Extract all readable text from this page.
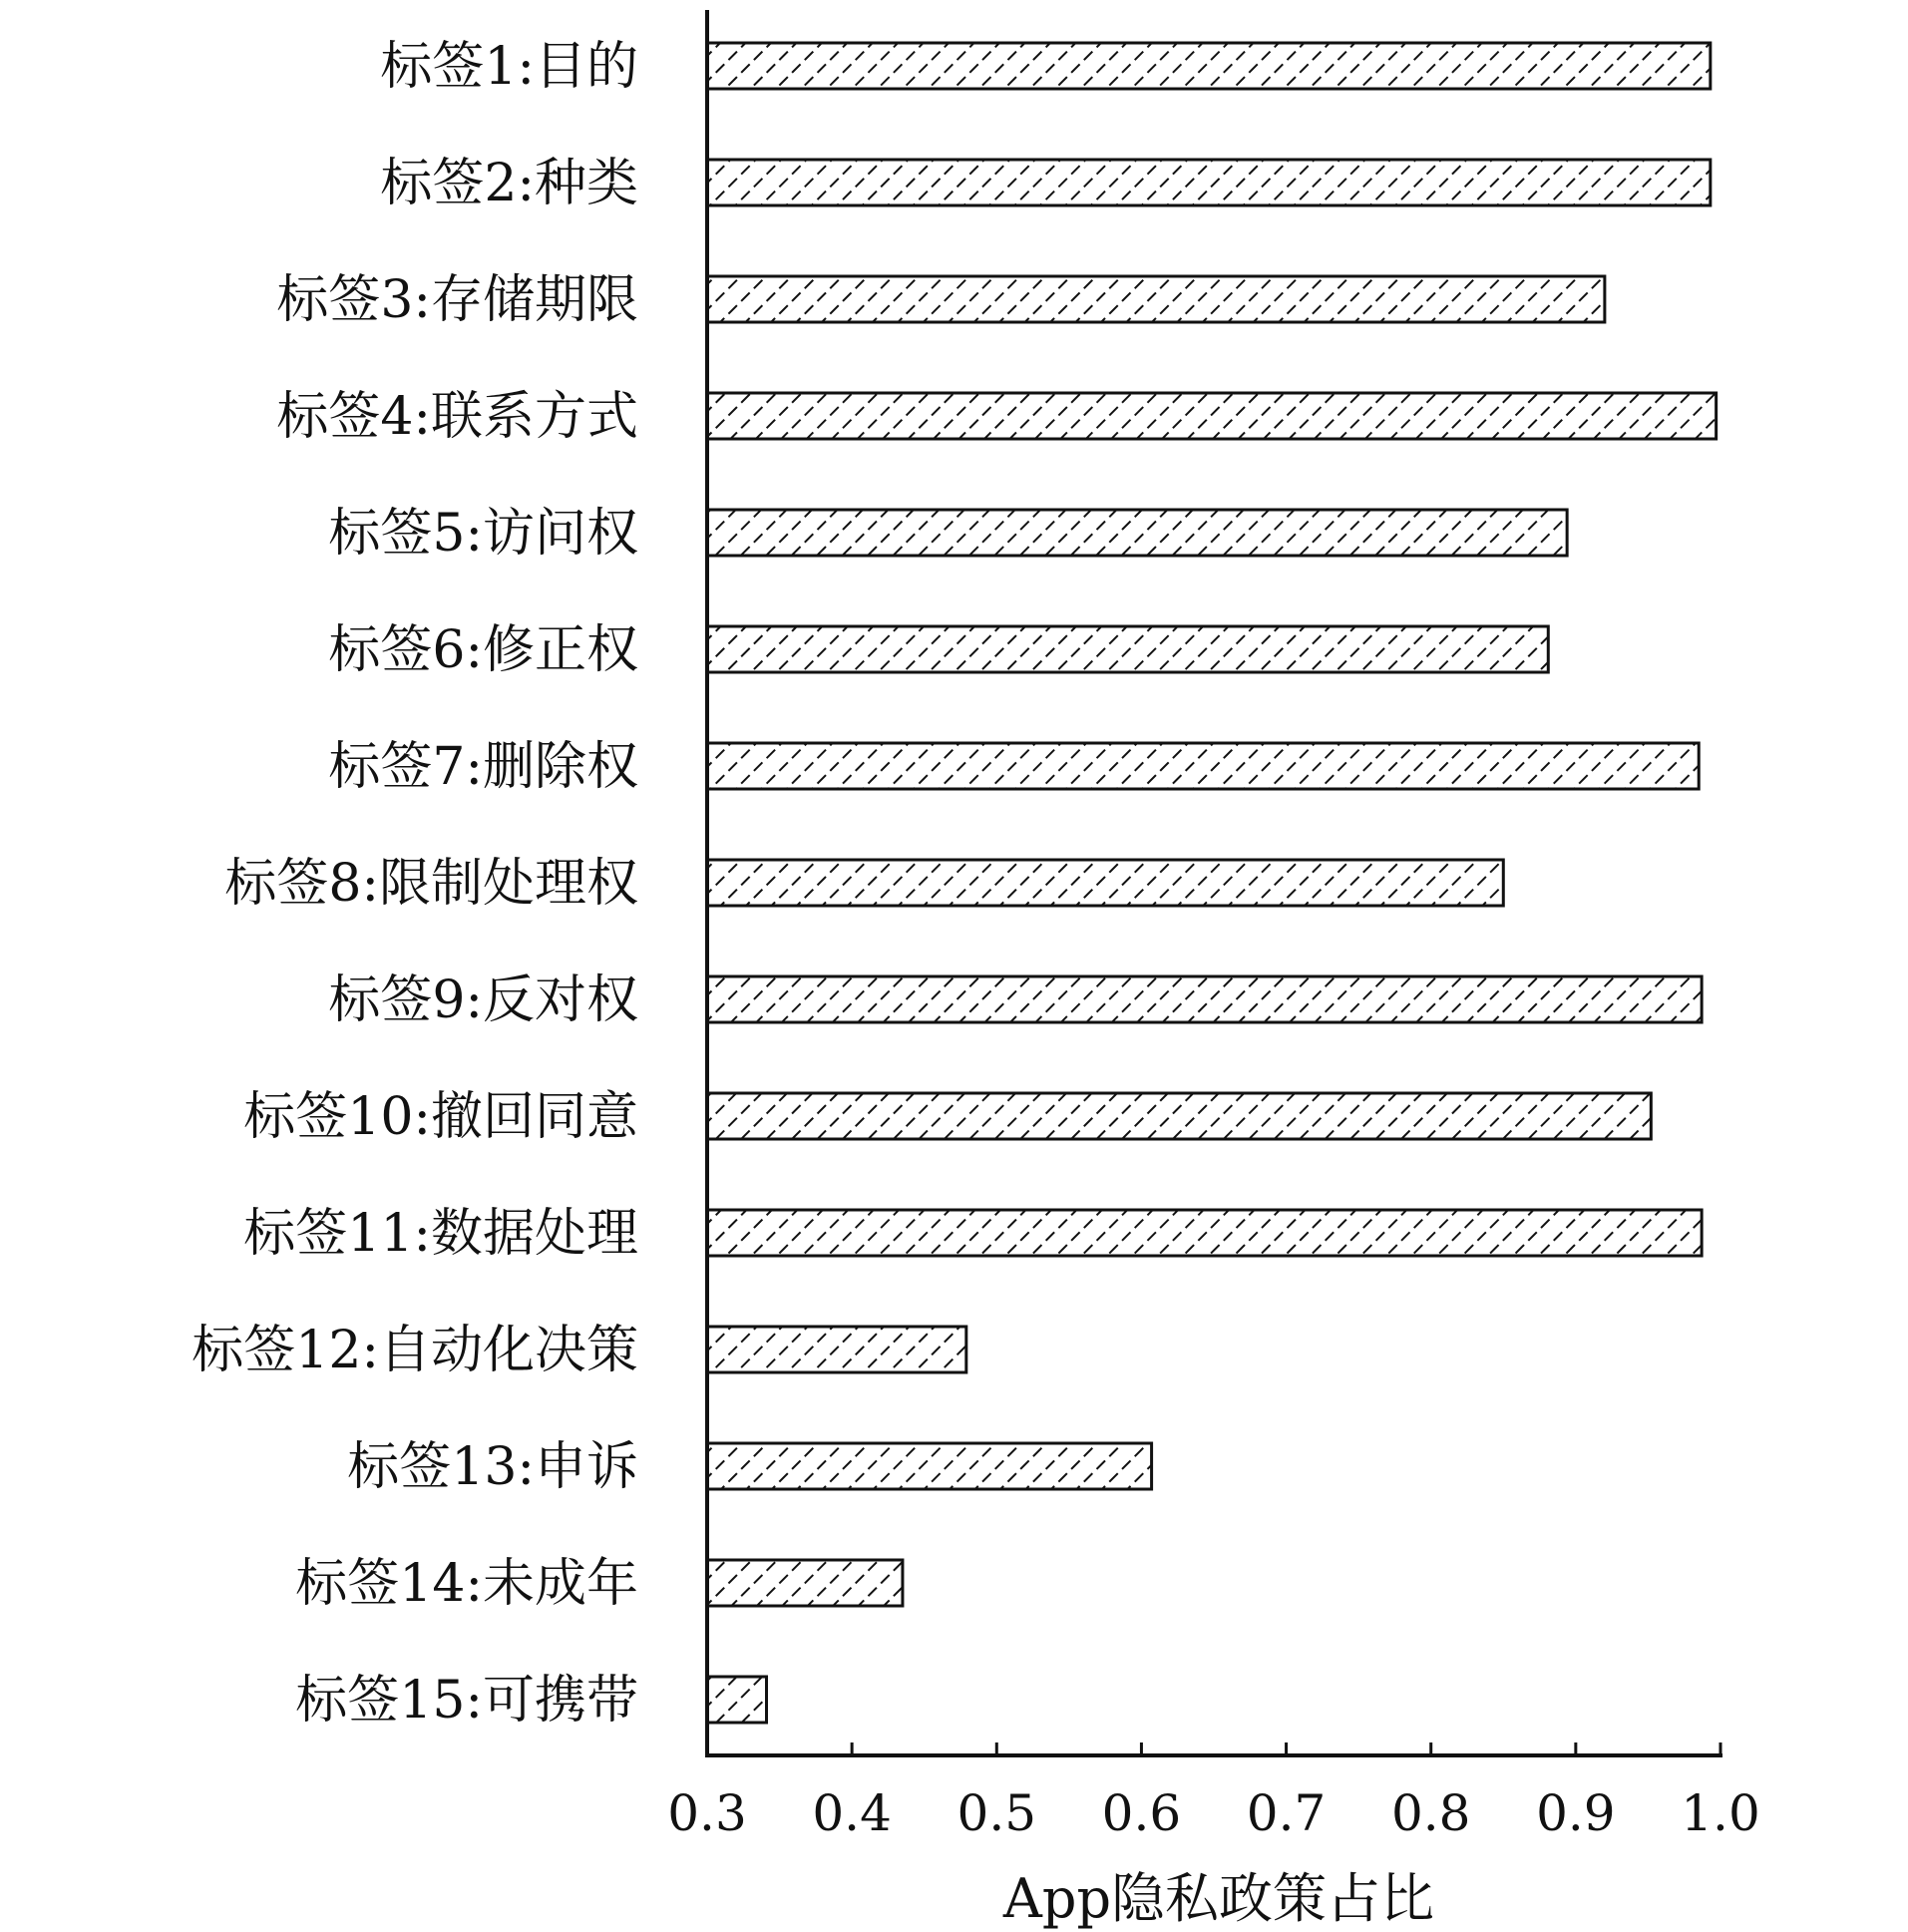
标签1:目的
标签2:种类
标签3:存储期限
标签4:联系方式
标签5:访问权
标签6:修正权
标签7:删除权
标签8:限制处理权
标签9:反对权
标签10:撤回同意
标签11:数据处理
标签12:自动化决策
标签13:申诉
标签14:未成年
标签15:可携带
0.3 0.4 0.5 0.6 0.7 0.8 0.9 1.0
App隐私政策占比
